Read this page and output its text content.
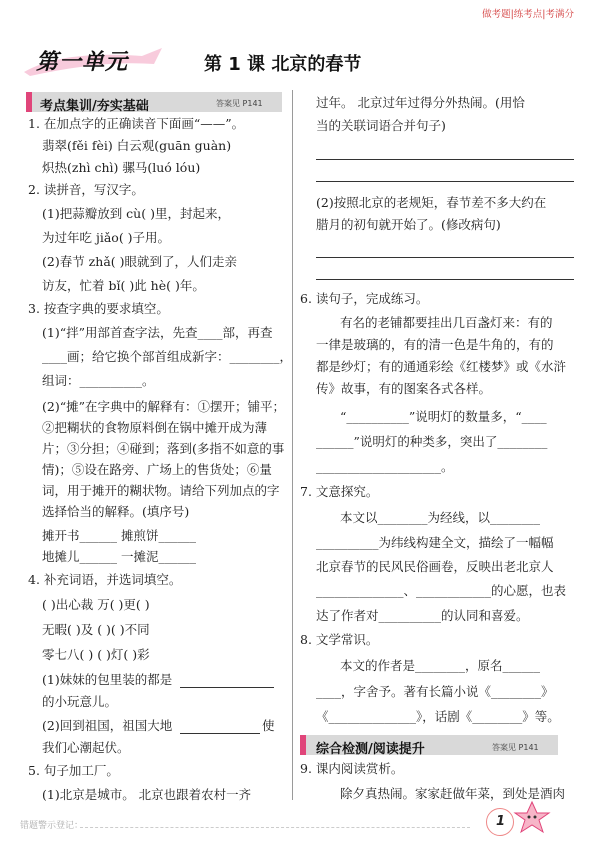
做考题|练考点|考满分
第一单元	第 1 课 北京的春节
考点集训/夯实基础	答案见 P141
1. 在加点字的正确读音下面画“——”。
翡翠(fěi fèi) 白云观(guān guàn)
炽热(zhì chì) 骡马(luó lóu)
2. 读拼音，写汉字。
(1)把蒜瓣放到 cù( )里，封起来，
为过年吃 jiǎo( )子用。
(2)春节 zhǎ( )眼就到了，人们走亲
访友，忙着 bǐ( )此 hè( )年。
3. 按查字典的要求填空。
(1)“拌”用部首查字法，先查____部，再查
____画；给它换个部首组成新字：________，
组词：__________。
(2)“摊”在字典中的解释有：①摆开；铺平；
②把糊状的食物原料倒在锅中摊开成为薄
片；③分担；④碰到；落到(多指不如意的事
情)；⑤设在路旁、广场上的售货处；⑥量
词，用于摊开的糊状物。请给下列加点的字
选择恰当的解释。(填序号)
摊开书______ 摊煎饼______
地摊儿______ 一摊泥______
4. 补充词语，并选词填空。
( )出心裁 万( )更( )
无暇( )及 ( )( )不同
零七八( ) ( )灯( )彩
(1)妹妹的包里装的都是
的小玩意儿。
(2)回到祖国，祖国大地	使
我们心潮起伏。
5. 句子加工厂。
(1)北京是城市。 北京也跟着农村一齐
过年。 北京过年过得分外热闹。(用恰
当的关联词语合并句子)
(2)按照北京的老规矩，春节差不多大约在
腊月的初旬就开始了。(修改病句)
6. 读句子，完成练习。
有名的老铺都要挂出几百盏灯来：有的
一律是玻璃的，有的清一色是牛角的，有的
都是纱灯；有的通通彩绘《红楼梦》或《水浒
传》故事，有的图案各式各样。
“__________”说明灯的数量多，“____
______”说明灯的种类多，突出了________
____________________。
7. 文意探究。
本文以________为经线，以________
__________为纬线构建全文，描绘了一幅幅
北京春节的民风民俗画卷，反映出老北京人
______________、____________的心愿，也表
达了作者对__________的认同和喜爱。
8. 文学常识。
本文的作者是________，原名______
____，字舍予。著有长篇小说《________》
《______________》，话剧《________》等。
综合检测/阅读提升	答案见 P141
9. 课内阅读赏析。
除夕真热闹。家家赶做年菜，到处是酒肉
错题警示登记：	1
